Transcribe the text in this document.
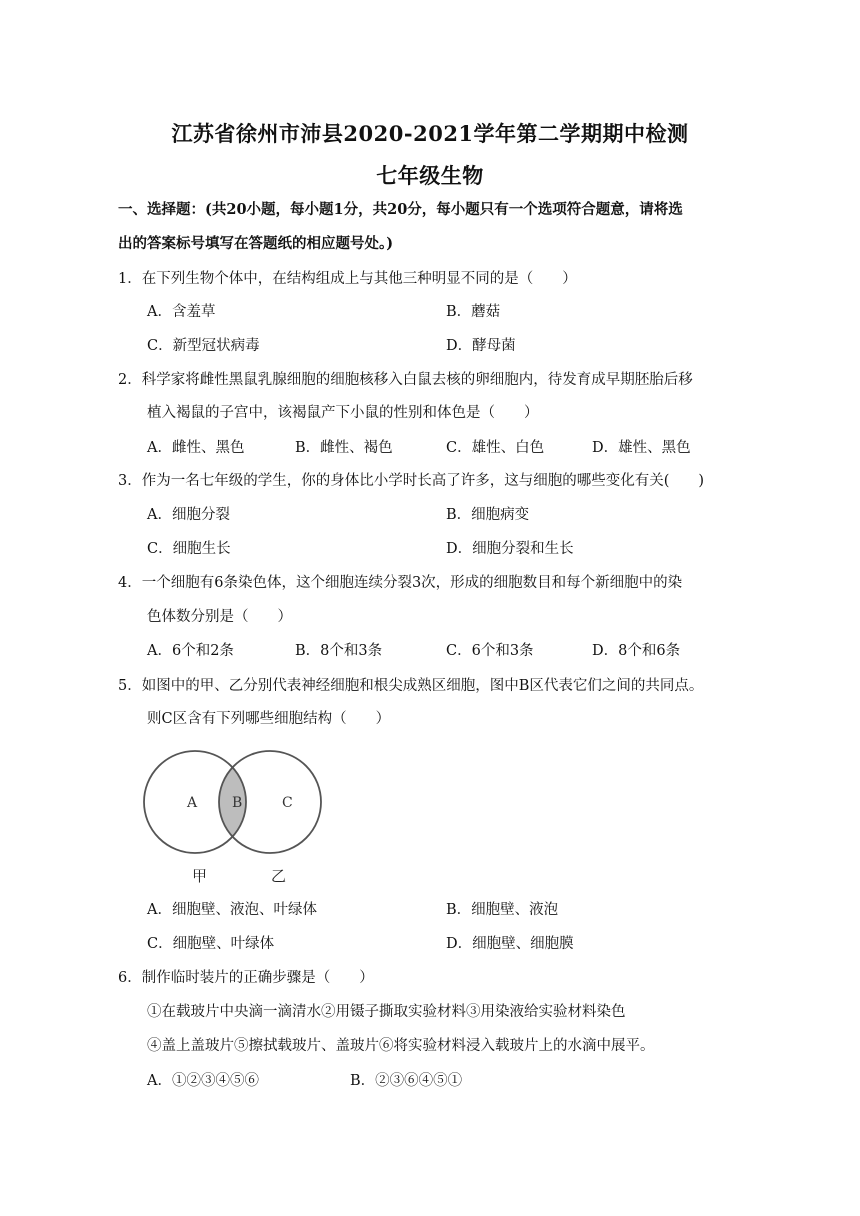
江苏省徐州市沛县2020-2021学年第二学期期中检测
七年级生物
一、选择题：(共20小题，每小题1分，共20分，每小题只有一个选项符合题意，请将选
出的答案标号填写在答题纸的相应题号处。)
1．在下列生物个体中，在结构组成上与其他三种明显不同的是（　　）
A．含羞草	B．蘑菇
C．新型冠状病毒	D．酵母菌
2．科学家将雌性黑鼠乳腺细胞的细胞核移入白鼠去核的卵细胞内，待发育成早期胚胎后移
植入褐鼠的子宫中，该褐鼠产下小鼠的性别和体色是（　　）
A．雌性、黑色	B．雌性、褐色	C．雄性、白色	D．雄性、黑色
3．作为一名七年级的学生，你的身体比小学时长高了许多，这与细胞的哪些变化有关(　　)
A．细胞分裂	B．细胞病变
C．细胞生长	D．细胞分裂和生长
4．一个细胞有6条染色体，这个细胞连续分裂3次，形成的细胞数目和每个新细胞中的染
色体数分别是（　　）
A．6个和2条	B．8个和3条	C．6个和3条	D．8个和6条
5．如图中的甲、乙分别代表神经细胞和根尖成熟区细胞，图中B区代表它们之间的共同点。
则C区含有下列哪些细胞结构（　　）
A B	C
甲	乙
A．细胞壁、液泡、叶绿体	B．细胞壁、液泡
C．细胞壁、叶绿体	D．细胞壁、细胞膜
6．制作临时装片的正确步骤是（　　）
①在载玻片中央滴一滴清水②用镊子撕取实验材料③用染液给实验材料染色
④盖上盖玻片⑤擦拭载玻片、盖玻片⑥将实验材料浸入载玻片上的水滴中展平。
A．①②③④⑤⑥	B．②③⑥④⑤①
